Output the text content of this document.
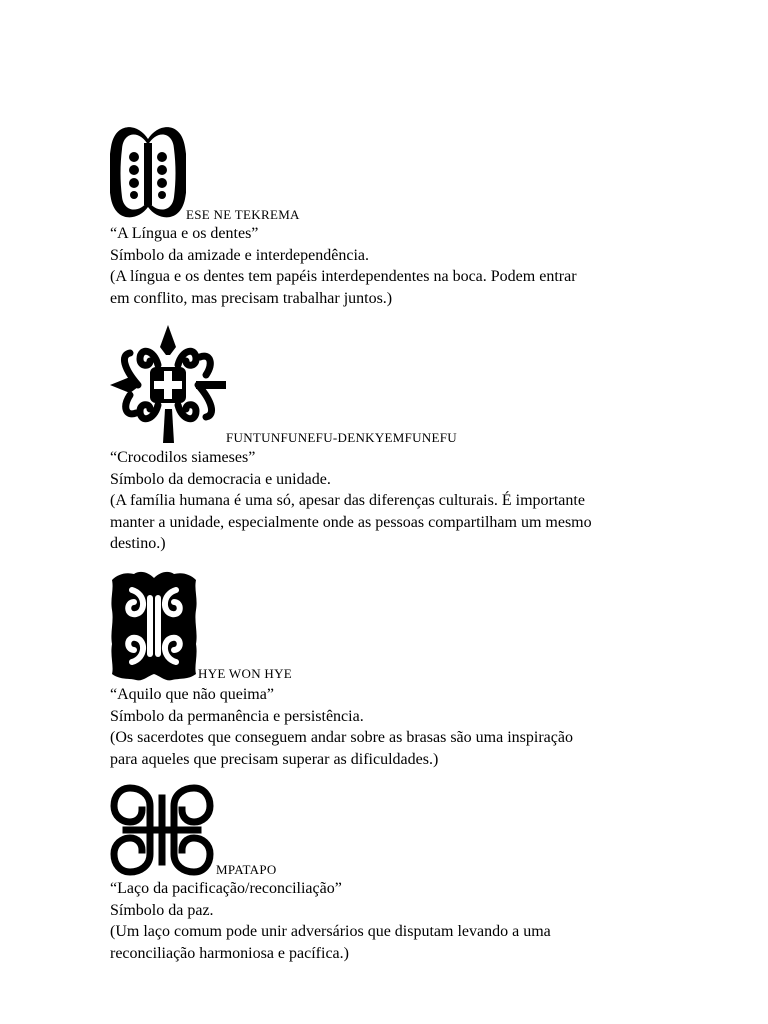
ESE NE TEKREMA

“A Língua e os dentes”

Símbolo da amizade e interdependência.

(A língua e os dentes tem papéis interdependentes na boca. Podem entrar

em conflito, mas precisam trabalhar juntos.)

FUNTUNFUNEFU-DENKYEMFUNEFU

“Crocodilos siameses”

Símbolo da democracia e unidade.

(A família humana é uma só, apesar das diferenças culturais. É importante

manter a unidade, especialmente onde as pessoas compartilham um mesmo

destino.)

HYE WON HYE

“Aquilo que não queima”

Símbolo da permanência e persistência.

(Os sacerdotes que conseguem andar sobre as brasas são uma inspiração

para aqueles que precisam superar as dificuldades.)

MPATAPO

“Laço da pacificação/reconciliação”

Símbolo da paz.

(Um laço comum pode unir adversários que disputam levando a uma

reconciliação harmoniosa e pacífica.)
